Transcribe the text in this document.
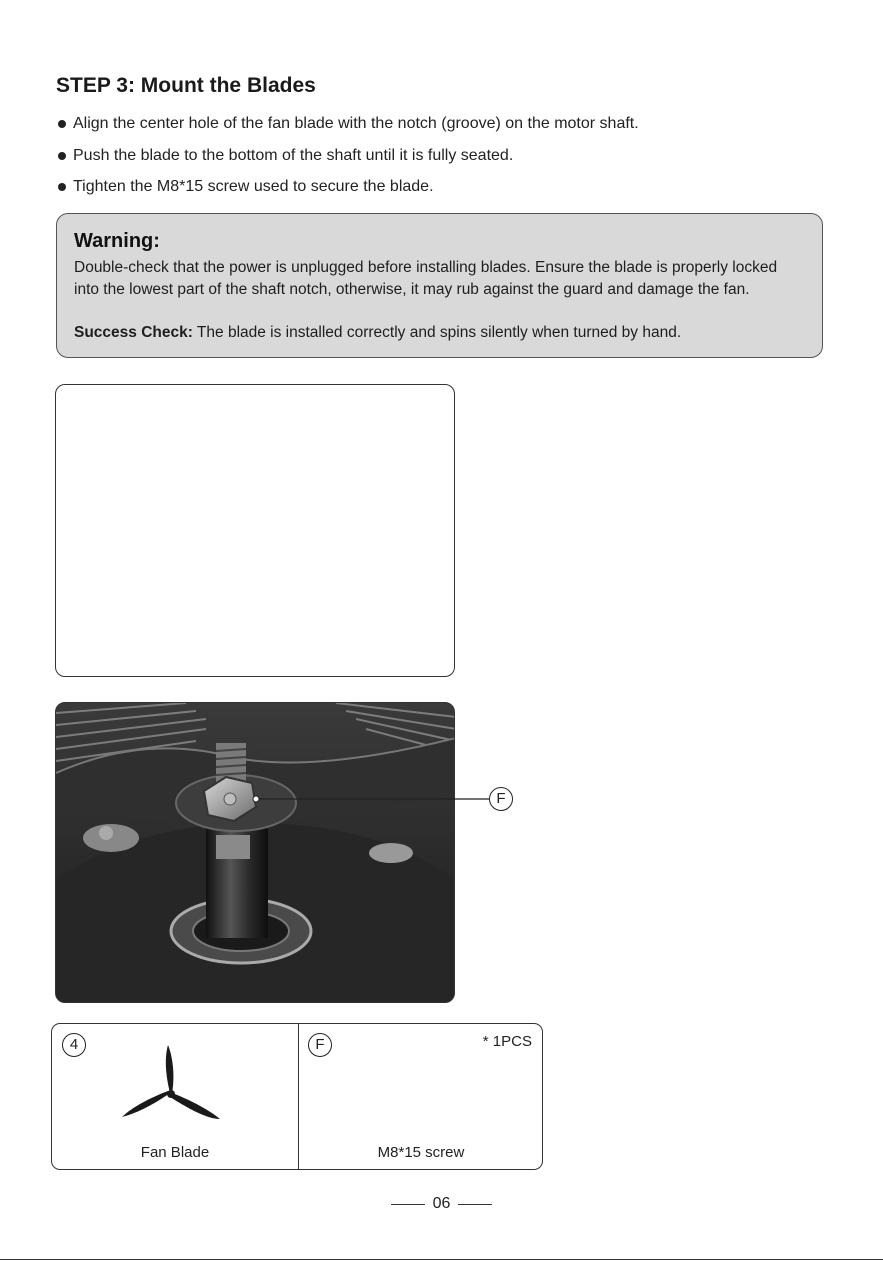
STEP 3: Mount the Blades
Align the center hole of the fan blade with the notch (groove) on the motor shaft.
Push the blade to the bottom of the shaft until it is fully seated.
Tighten the M8*15 screw used to secure the blade.
Warning:
Double-check that the power is unplugged before installing blades. Ensure the blade is properly locked into the lowest part of the shaft notch, otherwise, it may rub against the guard and damage the fan.
Success Check: The blade is installed correctly and spins silently when turned by hand.
F
4
Fan Blade
F	* 1PCS
M8*15 screw
06
